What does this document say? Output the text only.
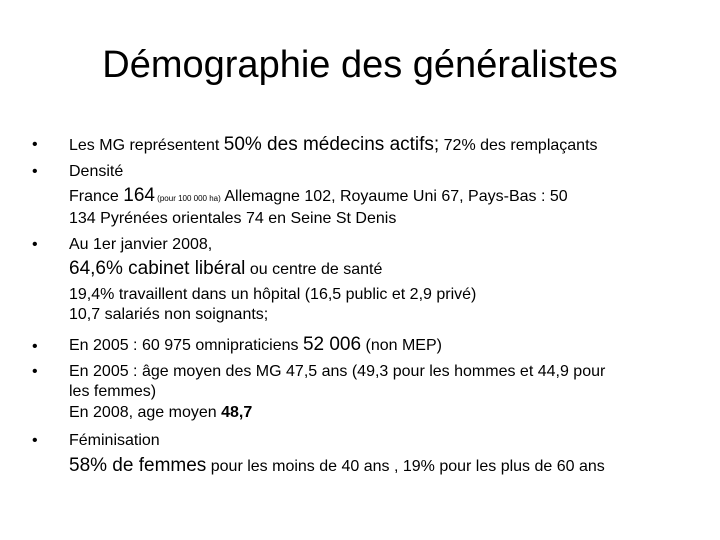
Démographie des généralistes
• Les MG représentent 50% des médecins actifs; 72% des remplaçants
• Densité
France 164 (pour 100 000 ha) Allemagne 102, Royaume Uni 67, Pays-Bas : 50
134 Pyrénées orientales 74 en Seine St Denis
• Au 1er janvier 2008,
64,6% cabinet libéral ou centre de santé
19,4% travaillent dans un hôpital (16,5 public et 2,9 privé)
10,7 salariés non soignants;
• En 2005 : 60 975 omnipraticiens 52 006 (non MEP)
• En 2005 : âge moyen des MG 47,5 ans (49,3 pour les hommes et 44,9 pour
les femmes)
En 2008, age moyen 48,7
• Féminisation
58% de femmes pour les moins de 40 ans , 19% pour les plus de 60 ans
